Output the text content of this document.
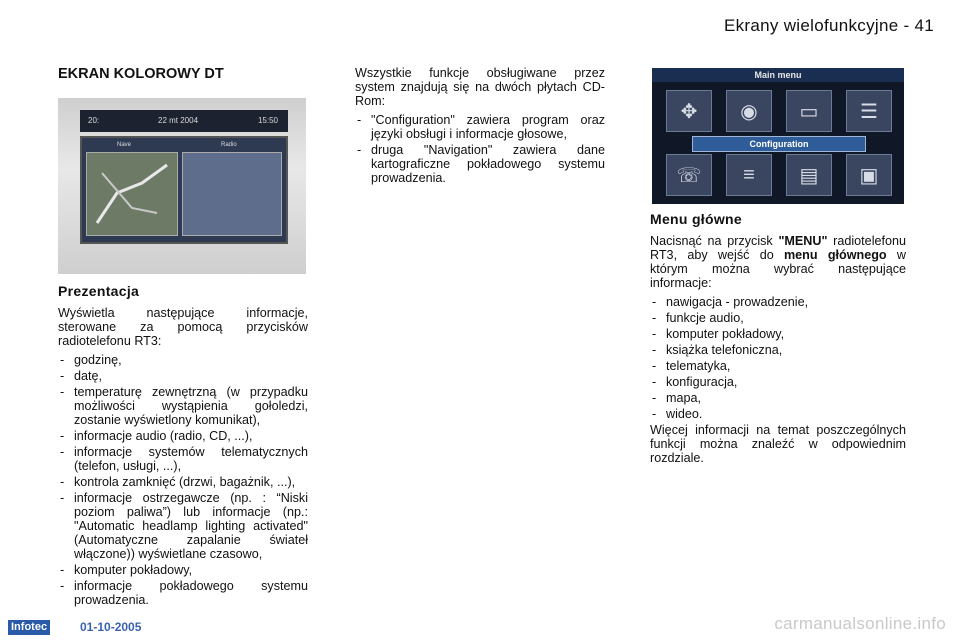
Ekrany wielofunkcyjne - 41
EKRAN KOLOROWY DT
20:	22 mt 2004	15:50
Nave	Radio
Prezentacja

Wyświetla następujące informacje, sterowane za pomocą przycisków radiotelefonu RT3:

- godzinę,
- datę,
- temperaturę zewnętrzną (w przypadku możliwości wystąpienia gołoledzi, zostanie wyświetlony komunikat),
- informacje audio (radio, CD, ...),
- informacje systemów telematycznych (telefon, usługi, ...),
- kontrola zamknięć (drzwi, bagażnik, ...),
- informacje ostrzegawcze (np. : “Niski poziom paliwa”) lub informacje (np.: "Automatic headlamp lighting activated" (Automatyczne zapalanie świateł włączone)) wyświetlane czasowo,
- komputer pokładowy,
- informacje pokładowego systemu prowadzenia.

Wszystkie funkcje obsługiwane przez system znajdują się na dwóch płytach CD-Rom:

- "Configuration" zawiera program oraz języki obsługi i informacje głosowe,
- druga "Navigation" zawiera dane kartograficzne pokładowego systemu prowadzenia.
Main menu
✥	◉	▭	☰
Configuration
☏	≡	▤	▣
Menu główne

Nacisnąć na przycisk "MENU" radiotelefonu RT3, aby wejść do menu głównego w którym można wybrać następujące informacje:

- nawigacja - prowadzenie,
- funkcje audio,
- komputer pokładowy,
- książka telefoniczna,
- telematyka,
- konfiguracja,
- mapa,
- wideo.

Więcej informacji na temat poszczególnych funkcji można znaleźć w odpowiednim rozdziale.

Infotec	01-10-2005	carmanualsonline.info
